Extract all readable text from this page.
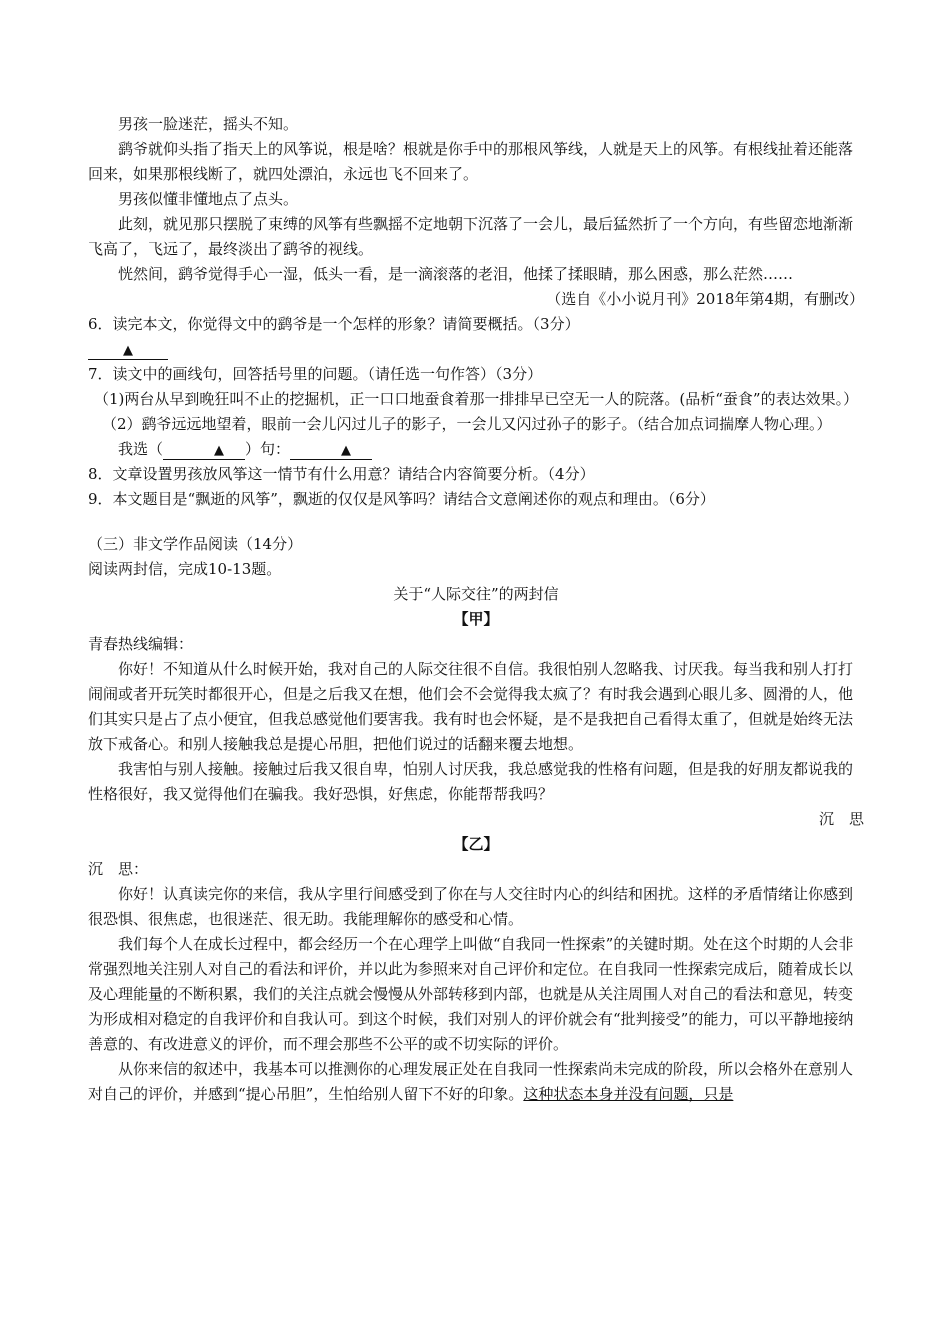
男孩一脸迷茫，摇头不知。

鹞爷就仰头指了指天上的风筝说，根是啥？根就是你手中的那根风筝线，人就是天上的风筝。有根线扯着还能落回来，如果那根线断了，就四处漂泊，永远也飞不回来了。

男孩似懂非懂地点了点头。

此刻，就见那只摆脱了束缚的风筝有些飘摇不定地朝下沉落了一会儿，最后猛然折了一个方向，有些留恋地渐渐飞高了，飞远了，最终淡出了鹞爷的视线。

恍然间，鹞爷觉得手心一湿，低头一看，是一滴滚落的老泪，他揉了揉眼睛，那么困惑，那么茫然……

（选自《小小说月刊》2018年第4期，有删改）

6．读完本文，你觉得文中的鹞爷是一个怎样的形象？请简要概括。（3分）

▲

7．读文中的画线句，回答括号里的问题。（请任选一句作答）（3分）

（1)两台从早到晚狂叫不止的挖掘机，正一口口地蚕食着那一排排早已空无一人的院落。(品析“蚕食”的表达效果。）

（2）鹞爷远远地望着，眼前一会儿闪过儿子的影子，一会儿又闪过孙子的影子。（结合加点词揣摩人物心理。）

我选（	▲ ）句：	▲

8．文章设置男孩放风筝这一情节有什么用意？请结合内容简要分析。（4分）

9．本文题目是“飘逝的风筝”，飘逝的仅仅是风筝吗？请结合文意阐述你的观点和理由。（6分）

（三）非文学作品阅读（14分）

阅读两封信，完成10-13题。

关于“人际交往”的两封信

【甲】

青春热线编辑：

你好！不知道从什么时候开始，我对自己的人际交往很不自信。我很怕别人忽略我、讨厌我。每当我和别人打打闹闹或者开玩笑时都很开心，但是之后我又在想，他们会不会觉得我太疯了？有时我会遇到心眼儿多、圆滑的人，他们其实只是占了点小便宜，但我总感觉他们要害我。我有时也会怀疑，是不是我把自己看得太重了，但就是始终无法放下戒备心。和别人接触我总是提心吊胆，把他们说过的话翻来覆去地想。

我害怕与别人接触。接触过后我又很自卑，怕别人讨厌我，我总感觉我的性格有问题，但是我的好朋友都说我的性格很好，我又觉得他们在骗我。我好恐惧，好焦虑，你能帮帮我吗？

沉　思

【乙】

沉　思：

你好！认真读完你的来信，我从字里行间感受到了你在与人交往时内心的纠结和困扰。这样的矛盾情绪让你感到很恐惧、很焦虑，也很迷茫、很无助。我能理解你的感受和心情。

我们每个人在成长过程中，都会经历一个在心理学上叫做“自我同一性探索”的关键时期。处在这个时期的人会非常强烈地关注别人对自己的看法和评价，并以此为参照来对自己评价和定位。在自我同一性探索完成后，随着成长以及心理能量的不断积累，我们的关注点就会慢慢从外部转移到内部，也就是从关注周围人对自己的看法和意见，转变为形成相对稳定的自我评价和自我认可。到这个时候，我们对别人的评价就会有“批判接受”的能力，可以平静地接纳善意的、有改进意义的评价，而不理会那些不公平的或不切实际的评价。

从你来信的叙述中，我基本可以推测你的心理发展正处在自我同一性探索尚未完成的阶段，所以会格外在意别人对自己的评价，并感到“提心吊胆”，生怕给别人留下不好的印象。这种状态本身并没有问题，只是
